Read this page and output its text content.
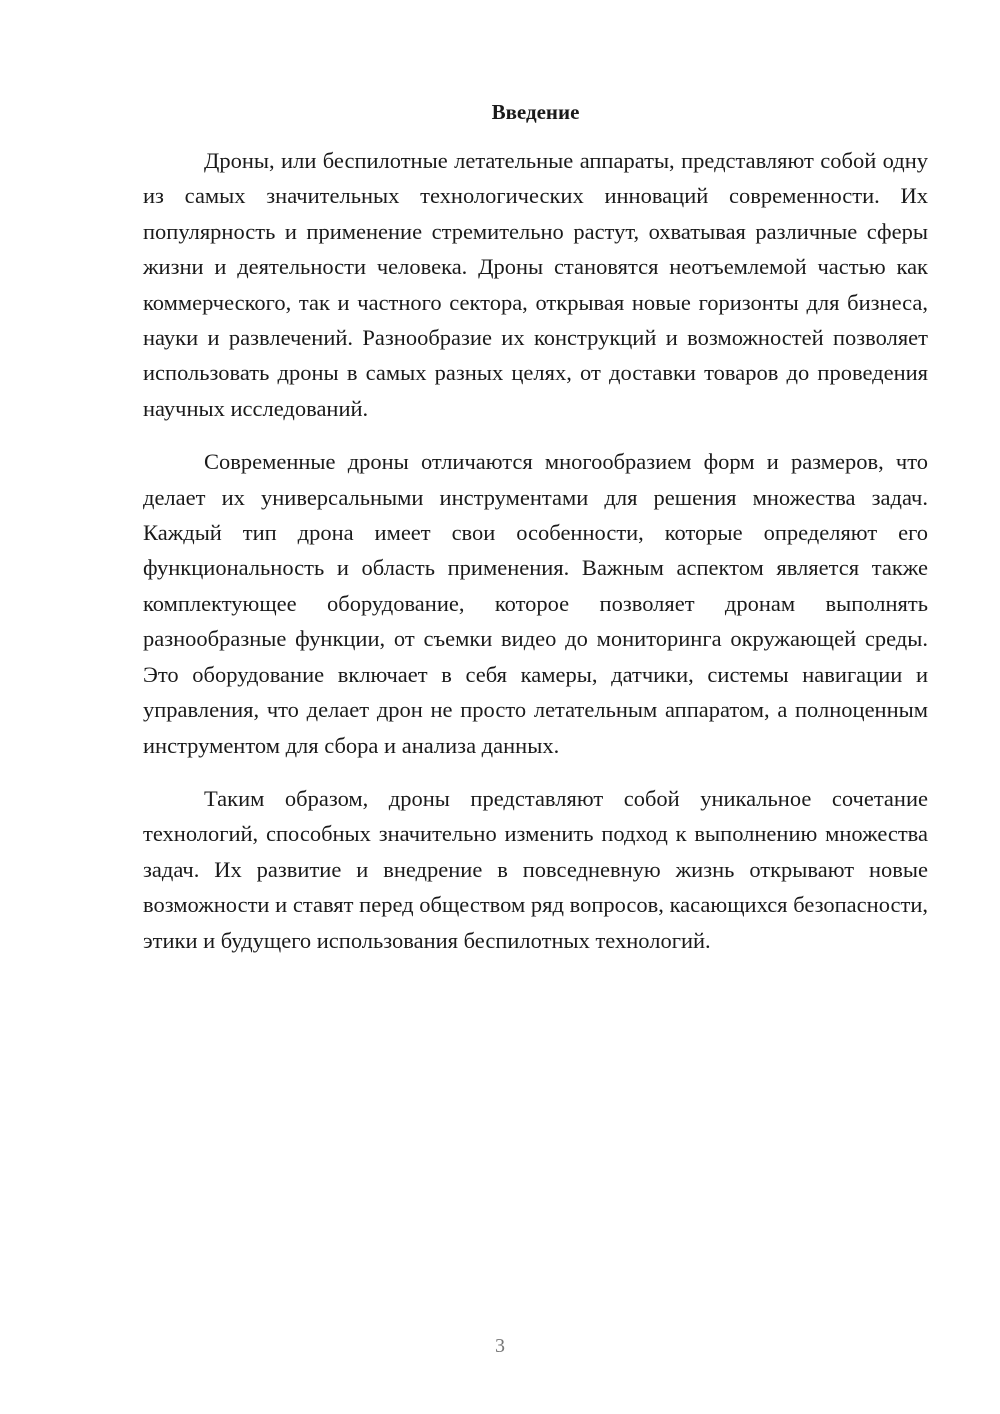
Введение

Дроны, или беспилотные летательные аппараты, представляют собой одну из самых значительных технологических инноваций современности. Их популярность и применение стремительно растут, охватывая различные сферы жизни и деятельности человека. Дроны становятся неотъемлемой частью как коммерческого, так и частного сектора, открывая новые горизонты для бизнеса, науки и развлечений. Разнообразие их конструкций и возможностей позволяет использовать дроны в самых разных целях, от доставки товаров до проведения научных исследований.

Современные дроны отличаются многообразием форм и размеров, что делает их универсальными инструментами для решения множества задач. Каждый тип дрона имеет свои особенности, которые определяют его функциональность и область применения. Важным аспектом является также комплектующее оборудование, которое позволяет дронам выполнять разнообразные функции, от съемки видео до мониторинга окружающей среды. Это оборудование включает в себя камеры, датчики, системы навигации и управления, что делает дрон не просто летательным аппаратом, а полноценным инструментом для сбора и анализа данных.

Таким образом, дроны представляют собой уникальное сочетание технологий, способных значительно изменить подход к выполнению множества задач. Их развитие и внедрение в повседневную жизнь открывают новые возможности и ставят перед обществом ряд вопросов, касающихся безопасности, этики и будущего использования беспилотных технологий.

3
